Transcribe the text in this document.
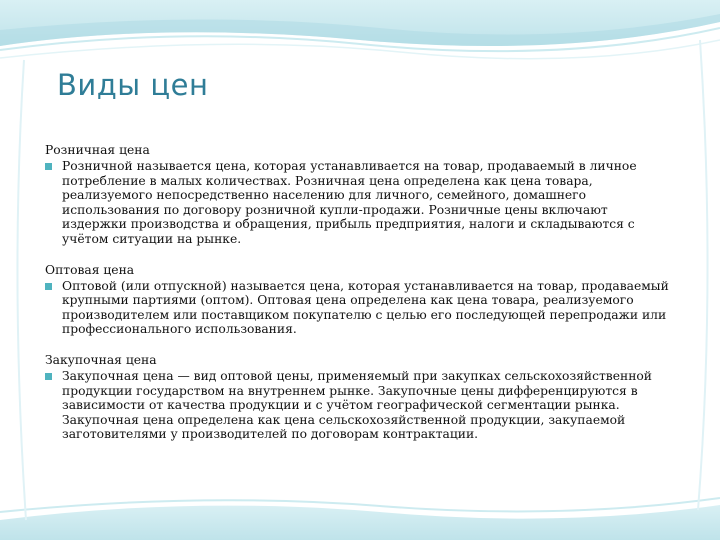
Виды цен

Розничная цена

Розничной называется цена, которая устанавливается на товар, продаваемый в личное потребление в малых количествах. Розничная цена определена как цена товара, реализуемого непосредственно населению для личного, семейного, домашнего использования по договору розничной купли-продажи. Розничные цены включают издержки производства и обращения, прибыль предприятия, налоги и складываются с учётом ситуации на рынке.

Оптовая цена

Оптовой (или отпускной) называется цена, которая устанавливается на товар, продаваемый крупными партиями (оптом). Оптовая цена определена как цена товара, реализуемого производителем или поставщиком покупателю с целью его последующей перепродажи или профессионального использования.

Закупочная цена

Закупочная цена — вид оптовой цены, применяемый при закупках сельскохозяйственной продукции государством на внутреннем рынке. Закупочные цены дифференцируются в зависимости от качества продукции и с учётом географической сегментации рынка. Закупочная цена определена как цена сельскохозяйственной продукции, закупаемой заготовителями у производителей по договорам контрактации.
